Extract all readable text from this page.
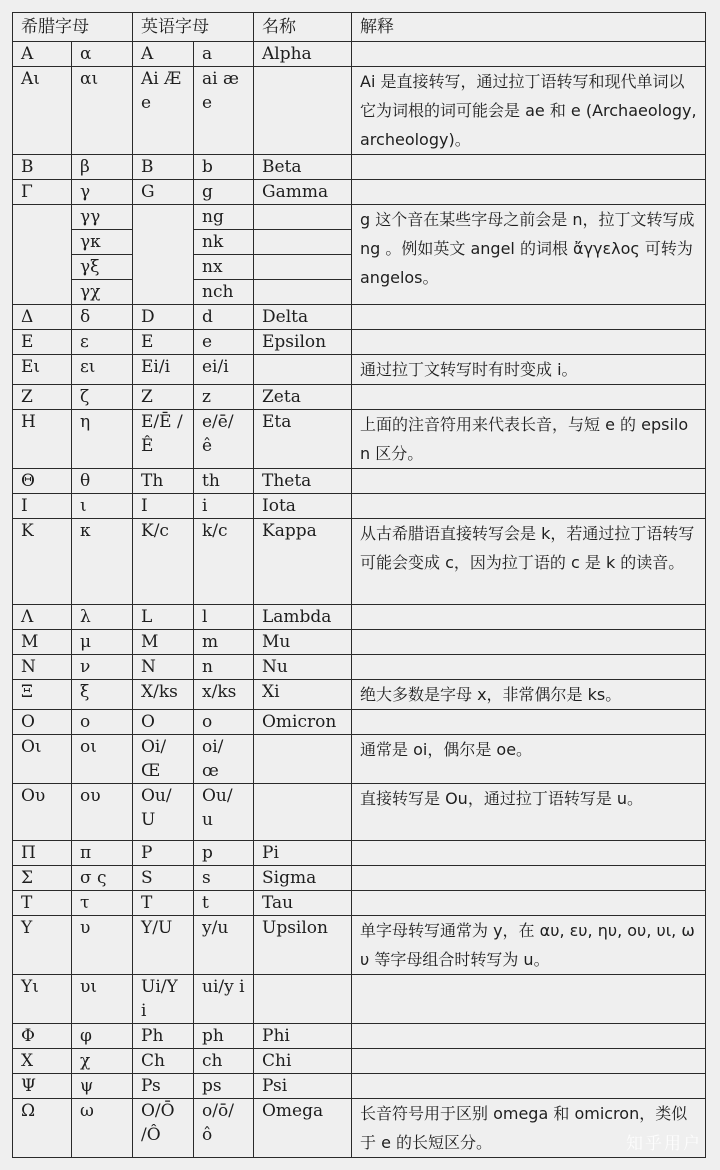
希腊字母		英语字母		名称	解释
Α	α	A	a	Alpha	
Αι	αι	Ai Æ e	ai æ e		Ai 是直接转写，通过拉丁语转写和现代单词以它为词根的词可能会是 ae 和 e (Archaeology, archeology)。
Β	β	B	b	Beta	
Γ	γ	G	g	Gamma	
	γγ		ng		g 这个音在某些字母之前会是 n，拉丁文转写成 ng 。例如英文 angel 的词根 ἄγγελος 可转为 angelos。
	γκ		nk		
	γξ		nx		
	γχ		nch		
Δ	δ	D	d	Delta	
Ε	ε	E	e	Epsilon	
Ει	ει	Ei/i	ei/i		通过拉丁文转写时有时变成 i。
Ζ	ζ	Z	z	Zeta	
Η	η	E/Ē /Ê	e/ē/ ê	Eta	上面的注音符用来代表长音，与短 e 的 epsilon 区分。
Θ	θ	Th	th	Theta	
Ι	ι	I	i	Iota	
Κ	κ	K/c	k/c	Kappa	从古希腊语直接转写会是 k，若通过拉丁语转写可能会变成 c，因为拉丁语的 c 是 k 的读音。
Λ	λ	L	l	Lambda	
Μ	μ	M	m	Mu	
Ν	ν	N	n	Nu	
Ξ	ξ	X/ks	x/ks	Xi	绝大多数是字母 x，非常偶尔是 ks。
Ο	ο	O	o	Omicron	
Οι	οι	Oi/ Œ	oi/ œ		通常是 oi，偶尔是 oe。
Ου	ου	Ou/ U	Ou/ u		直接转写是 Ou，通过拉丁语转写是 u。
Π	π	P	p	Pi	
Σ	σ ς	S	s	Sigma	
Τ	τ	T	t	Tau	
Υ	υ	Y/U	y/u	Upsilon	单字母转写通常为 y，在 αυ, ευ, ηυ, ου, υι, ωυ 等字母组合时转写为 u。
Υι	υι	Ui/Y i	ui/y i		
Φ	φ	Ph	ph	Phi	
Χ	χ	Ch	ch	Chi	
Ψ	ψ	Ps	ps	Psi	
Ω	ω	O/Ō /Ô	o/ō/ ô	Omega	长音符号用于区别 omega 和 omicron，类似于 e 的长短区分。	知乎用户
